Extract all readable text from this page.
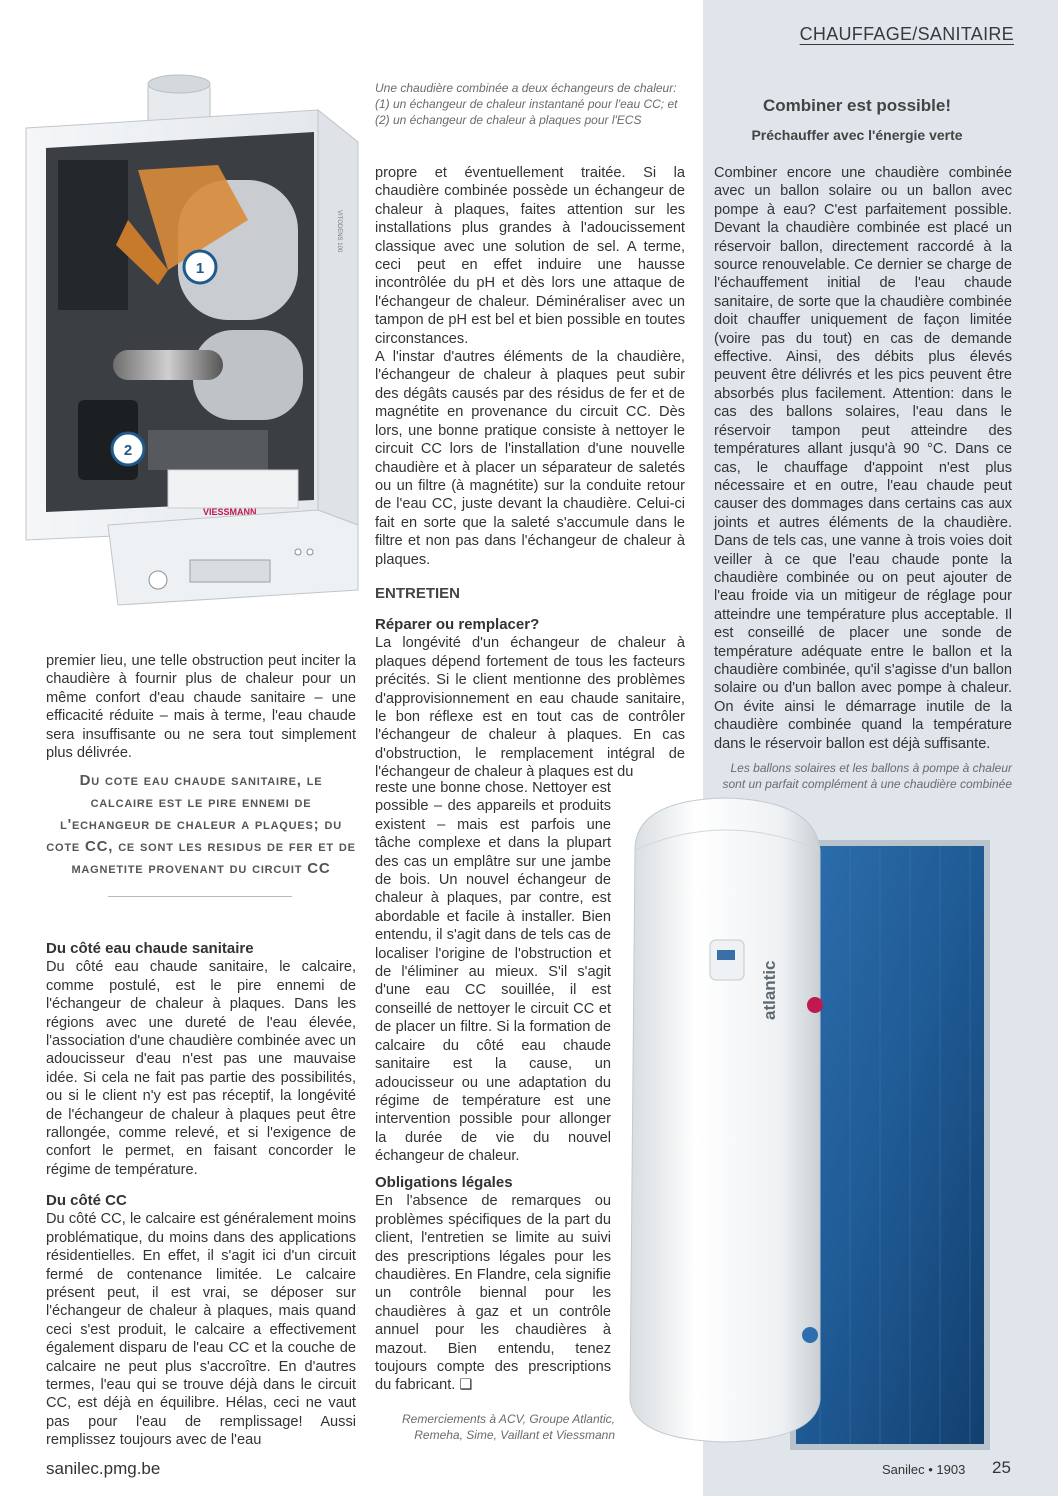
CHAUFFAGE/SANITAIRE
VIESSMANN
VITODENS 100
1
2
Une chaudière combinée a deux échangeurs de chaleur: (1) un échangeur de chaleur instantané pour l'eau CC; et (2) un échangeur de chaleur à plaques pour l'ECS
premier lieu, une telle obstruction peut inciter la chaudière à fournir plus de chaleur pour un même confort d'eau chaude sanitaire – une efficacité réduite – mais à terme, l'eau chaude sera insuffisante ou ne sera tout simplement plus délivrée.
Du cote eau chaude sanitaire, le calcaire est le pire ennemi de l'echangeur de chaleur a plaques; du cote CC, ce sont les residus de fer et de magnetite provenant du circuit CC

Du côté eau chaude sanitaire

Du côté eau chaude sanitaire, le calcaire, comme postulé, est le pire ennemi de l'échangeur de chaleur à plaques. Dans les régions avec une dureté de l'eau élevée, l'association d'une chaudière combinée avec un adoucisseur d'eau n'est pas une mauvaise idée. Si cela ne fait pas partie des possibilités, ou si le client n'y est pas réceptif, la longévité de l'échangeur de chaleur à plaques peut être rallongée, comme relevé, et si l'exigence de confort le permet, en faisant concorder le régime de température.

Du côté CC

Du côté CC, le calcaire est généralement moins problématique, du moins dans des applications résidentielles. En effet, il s'agit ici d'un circuit fermé de contenance limitée. Le calcaire présent peut, il est vrai, se déposer sur l'échangeur de chaleur à plaques, mais quand ceci s'est produit, le calcaire a effectivement également disparu de l'eau CC et la couche de calcaire ne peut plus s'accroître. En d'autres termes, l'eau qui se trouve déjà dans le circuit CC, est déjà en équilibre. Hélas, ceci ne vaut pas pour l'eau de remplissage! Aussi remplissez toujours avec de l'eau

propre et éventuellement traitée. Si la chaudière combinée possède un échangeur de chaleur à plaques, faites attention sur les installations plus grandes à l'adoucissement classique avec une solution de sel. A terme, ceci peut en effet induire une hausse incontrôlée du pH et dès lors une attaque de l'échangeur de chaleur. Déminéraliser avec un tampon de pH est bel et bien possible en toutes circonstances.

A l'instar d'autres éléments de la chaudière, l'échangeur de chaleur à plaques peut subir des dégâts causés par des résidus de fer et de magnétite en provenance du circuit CC. Dès lors, une bonne pratique consiste à nettoyer le circuit CC lors de l'installation d'une nouvelle chaudière et à placer un séparateur de saletés ou un filtre (à magnétite) sur la conduite retour de l'eau CC, juste devant la chaudière. Celui-ci fait en sorte que la saleté s'accumule dans le filtre et non pas dans l'échangeur de chaleur à plaques.

ENTRETIEN

Réparer ou remplacer?

La longévité d'un échangeur de chaleur à plaques dépend fortement de tous les facteurs précités. Si le client mentionne des problèmes d'approvisionnement en eau chaude sanitaire, le bon réflexe est en tout cas de contrôler l'échangeur de chaleur à plaques. En cas d'obstruction, le remplacement intégral de l'échangeur de chaleur à plaques est du

reste une bonne chose. Nettoyer est possible – des appareils et produits existent – mais est parfois une tâche complexe et dans la plupart des cas un emplâtre sur une jambe de bois. Un nouvel échangeur de chaleur à plaques, par contre, est abordable et facile à installer. Bien entendu, il s'agit dans de tels cas de localiser l'origine de l'obstruction et de l'éliminer au mieux. S'il s'agit d'une eau CC souillée, il est conseillé de nettoyer le circuit CC et de placer un filtre. Si la formation de calcaire du côté eau chaude sanitaire est la cause, un adoucisseur ou une adaptation du régime de température est une intervention possible pour allonger la durée de vie du nouvel échangeur de chaleur.

Obligations légales

En l'absence de remarques ou problèmes spécifiques de la part du client, l'entretien se limite au suivi des prescriptions légales pour les chaudières. En Flandre, cela signifie un contrôle biennal pour les chaudières à gaz et un contrôle annuel pour les chaudières à mazout. Bien entendu, tenez toujours compte des prescriptions du fabricant. ❑

Remerciements à ACV, Groupe Atlantic, Remeha, Sime, Vaillant et Viessmann
Combiner est possible!
Préchauffer avec l'énergie verte
Combiner encore une chaudière combinée avec un ballon solaire ou un ballon avec pompe à eau? C'est parfaitement possible. Devant la chaudière combinée est placé un réservoir ballon, directement raccordé à la source renouvelable. Ce dernier se charge de l'échauffement initial de l'eau chaude sanitaire, de sorte que la chaudière combinée doit chauffer uniquement de façon limitée (voire pas du tout) en cas de demande effective. Ainsi, des débits plus élevés peuvent être délivrés et les pics peuvent être absorbés plus facilement. Attention: dans le cas des ballons solaires, l'eau dans le réservoir tampon peut atteindre des températures allant jusqu'à 90 °C. Dans ce cas, le chauffage d'appoint n'est plus nécessaire et en outre, l'eau chaude peut causer des dommages dans certains cas aux joints et autres éléments de la chaudière. Dans de tels cas, une vanne à trois voies doit veiller à ce que l'eau chaude ponte la chaudière combinée ou on peut ajouter de l'eau froide via un mitigeur de réglage pour atteindre une température plus acceptable. Il est conseillé de placer une sonde de température adéquate entre le ballon et la chaudière combinée, qu'il s'agisse d'un ballon solaire ou d'un ballon avec pompe à chaleur. On évite ainsi le démarrage inutile de la chaudière combinée quand la température dans le réservoir ballon est déjà suffisante.
Les ballons solaires et les ballons à pompe à chaleur sont un parfait complément à une chaudière combinée
atlantic
sanilec.pmg.be	Sanilec • 1903 25
